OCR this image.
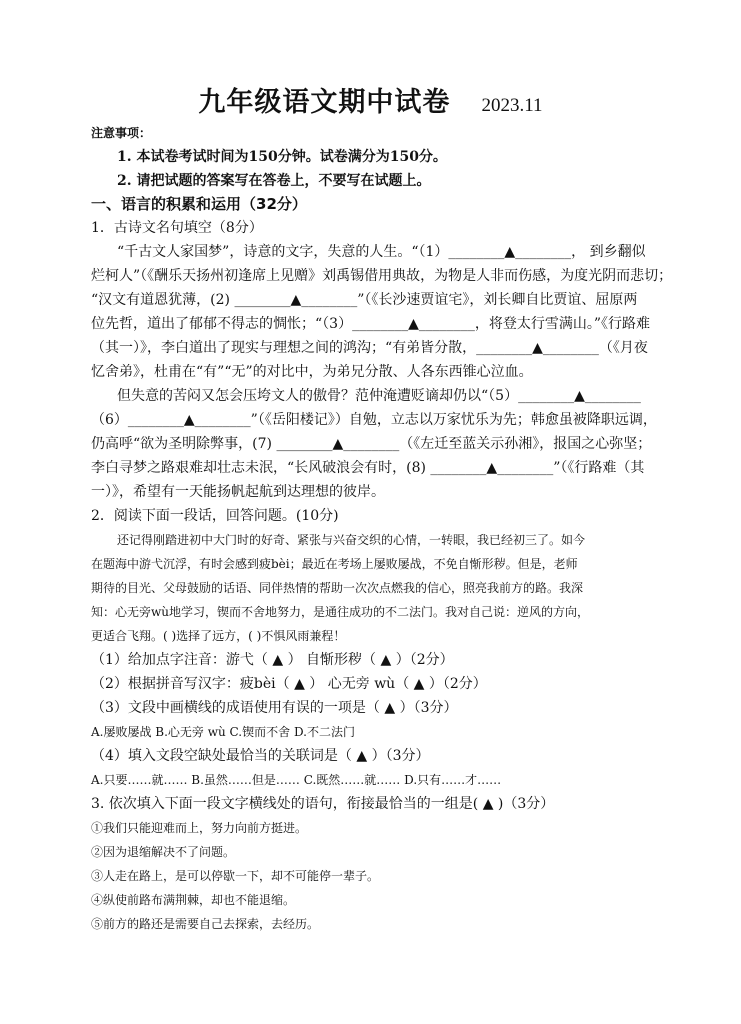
九年级语文期中试卷 2023.11
注意事项：
1. 本试卷考试时间为150分钟。试卷满分为150分。
2. 请把试题的答案写在答卷上，不要写在试题上。
一、语言的积累和运用（32分）
1．古诗文名句填空（8分）
“千古文人家国梦”，诗意的文字，失意的人生。“（1）________▲________， 到乡翻似
烂柯人”（《酬乐天扬州初逢席上见赠》刘禹锡借用典故，为物是人非而伤感，为度光阴而悲切；
“汉文有道恩犹薄，(2) ________▲________”（《长沙速贾谊宅》，刘长卿自比贾谊、屈原两
位先哲，道出了郁郁不得志的惆怅；“（3）________▲________，将登太行雪满山。”《行路难
（其一）》，李白道出了现实与理想之间的鸿沟；“有弟皆分散，________▲________（《月夜
忆舍弟》，杜甫在“有”“无”的对比中，为弟兄分散、人各东西锥心泣血。
但失意的苦闷又怎会压垮文人的傲骨？范仲淹遭贬谪却仍以“（5）________▲________
（6）________▲________”（《岳阳楼记》）自勉，立志以万家忧乐为先；韩愈虽被降职远调，
仍高呼“欲为圣明除弊事，(7) ________▲________（《左迁至蓝关示孙湘》，报国之心弥坚；
李白寻梦之路艰难却壮志未泯，“长风破浪会有时，(8) ________▲________”（《行路难（其
一）》，希望有一天能扬帆起航到达理想的彼岸。
2．阅读下面一段话，回答问题。(10分)
还记得刚踏进初中大门时的好奇、紧张与兴奋交织的心情，一转眼，我已经初三了。如今
在题海中游弋沉浮，有时会感到疲bèi；最近在考场上屡败屡战，不免自惭形秽。但是，老师
期待的目光、父母鼓励的话语、同伴热情的帮助一次次点燃我的信心，照亮我前方的路。我深
知：心无旁wù地学习，锲而不舍地努力，是通往成功的不二法门。我对自己说：逆风的方向，
更适合飞翔。( )选择了远方，( )不惧风雨兼程！
（1）给加点字注音：游弋（ ▲ ） 自惭形秽（ ▲ ）（2分）
（2）根据拼音写汉字：疲bèi（ ▲ ） 心无旁 wù（ ▲ ）（2分）
（3）文段中画横线的成语使用有误的一项是（ ▲ ）（3分）
A.屡败屡战 B.心无旁 wù C.锲而不舍 D.不二法门
（4）填入文段空缺处最恰当的关联词是（ ▲ ）（3分）
A.只要……就…… B.虽然……但是…… C.既然……就…… D.只有……才……
3. 依次填入下面一段文字横线处的语句，衔接最恰当的一组是( ▲ )（3分）
①我们只能迎难而上，努力向前方挺进。
②因为退缩解决不了问题。
③人走在路上，是可以停歇一下，却不可能停一辈子。
④纵使前路布满荆棘，却也不能退缩。
⑤前方的路还是需要自己去探索，去经历。
